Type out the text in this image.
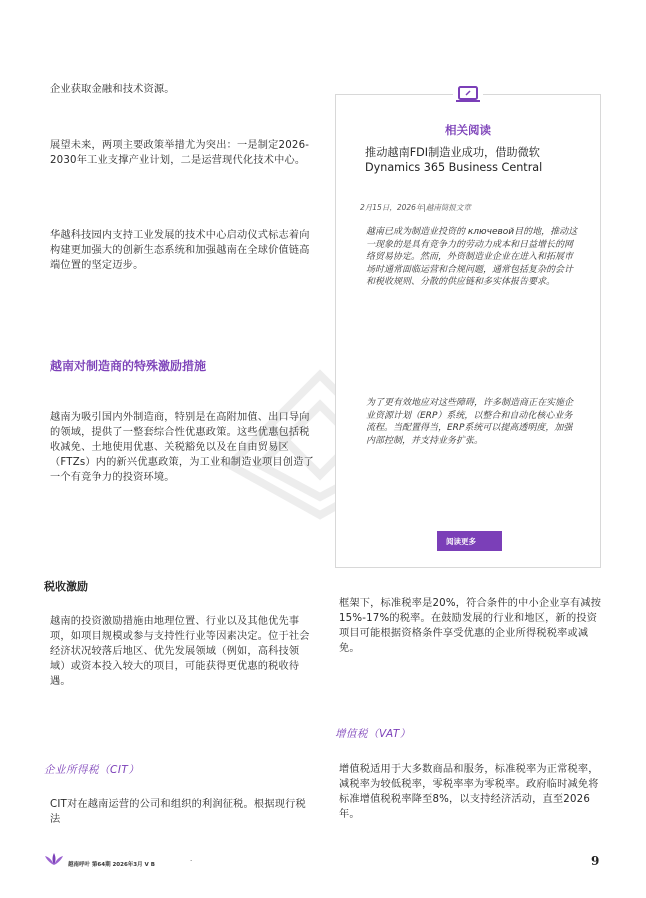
企业获取金融和技术资源。
展望未来，两项主要政策举措尤为突出：一是制定2026-2030年工业支撑产业计划，二是运营现代化技术中心。
华越科技园内支持工业发展的技术中心启动仪式标志着向构建更加强大的创新生态系统和加强越南在全球价值链高端位置的坚定迈步。
越南对制造商的特殊激励措施
越南为吸引国内外制造商，特别是在高附加值、出口导向的领域，提供了一整套综合性优惠政策。这些优惠包括税收减免、土地使用优惠、关税豁免以及在自由贸易区（FTZs）内的新兴优惠政策，为工业和制造业项目创造了一个有竞争力的投资环境。
税收激励
越南的投资激励措施由地理位置、行业以及其他优先事项，如项目规模或参与支持性行业等因素决定。位于社会经济状况较落后地区、优先发展领域（例如，高科技领域）或资本投入较大的项目，可能获得更优惠的税收待遇。
企业所得税（CIT）
CIT对在越南运营的公司和组织的利润征税。根据现行税法
相关阅读
推动越南FDI制造业成功，借助微软Dynamics 365 Business Central
2月15日，2026年|越南简报文章
越南已成为制造业投资的 ключевой目的地，推动这一现象的是具有竞争力的劳动力成本和日益增长的网络贸易协定。然而，外资制造业企业在进入和拓展市场时通常面临运营和合规问题，通常包括复杂的会计和税收规则、分散的供应链和多实体报告要求。
为了更有效地应对这些障碍，许多制造商正在实施企业资源计划（ERP）系统，以整合和自动化核心业务流程。当配置得当，ERP系统可以提高透明度，加强内部控制，并支持业务扩张。
阅读更多
框架下，标准税率是20%，符合条件的中小企业享有减按15%-17%的税率。在鼓励发展的行业和地区，新的投资项目可能根据资格条件享受优惠的企业所得税税率或减免。
增值税（VAT）
增值税适用于大多数商品和服务，标准税率为正常税率，减税率为较低税率，零税率率为零税率。政府临时减免将标准增值税税率降至8%，以支持经济活动，直至2026年。
越南呼叶 第64期 2026年3月 V B	·	9
